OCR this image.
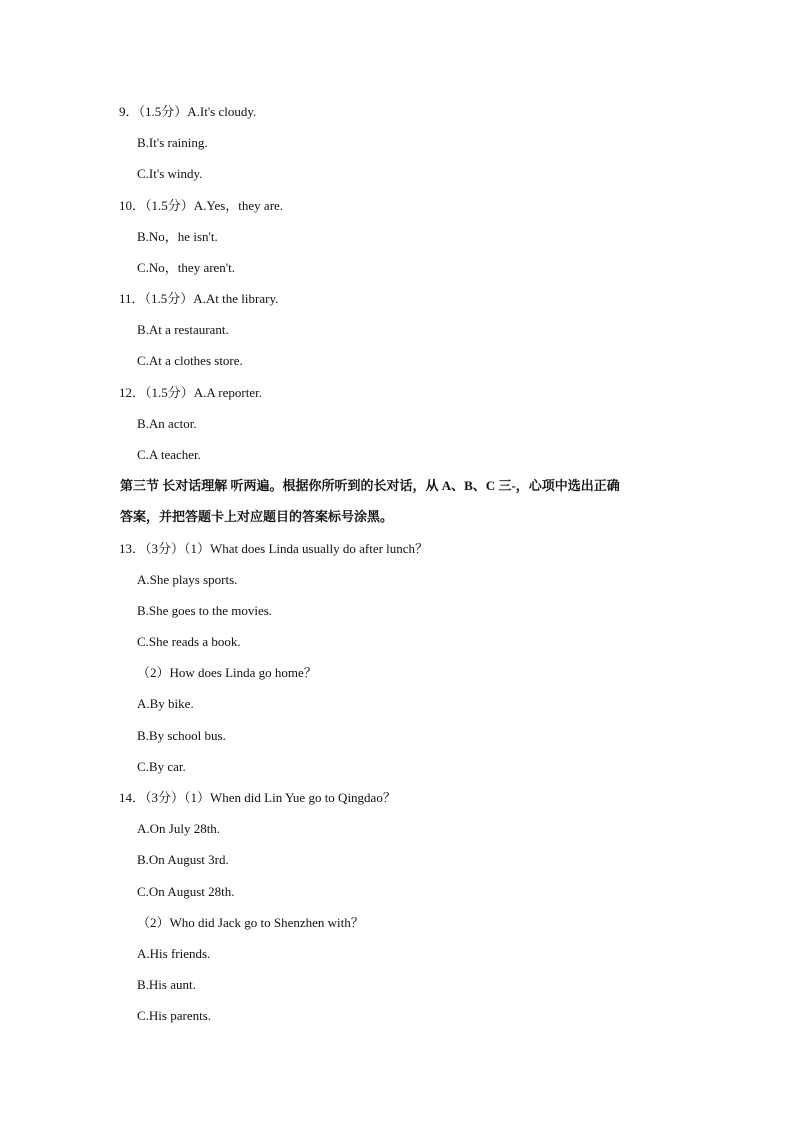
9．（1.5分）A.It's cloudy.
B.It's raining.
C.It's windy.
10．（1.5分）A.Yes，they are.
B.No，he isn't.
C.No，they aren't.
11．（1.5分）A.At the library.
B.At a restaurant.
C.At a clothes store.
12．（1.5分）A.A reporter.
B.An actor.
C.A teacher.
第三节 长对话理解 听两遍。根据你所听到的长对话，从 A、B、C 三-，心项中选出正确
答案，并把答题卡上对应题目的答案标号涂黑。
13．（3分）（1）What does Linda usually do after lunch？
A.She plays sports.
B.She goes to the movies.
C.She reads a book.
（2）How does Linda go home？
A.By bike.
B.By school bus.
C.By car.
14．（3分）（1）When did Lin Yue go to Qingdao？
A.On July 28th.
B.On August 3rd.
C.On August 28th.
（2）Who did Jack go to Shenzhen with？
A.His friends.
B.His aunt.
C.His parents.
